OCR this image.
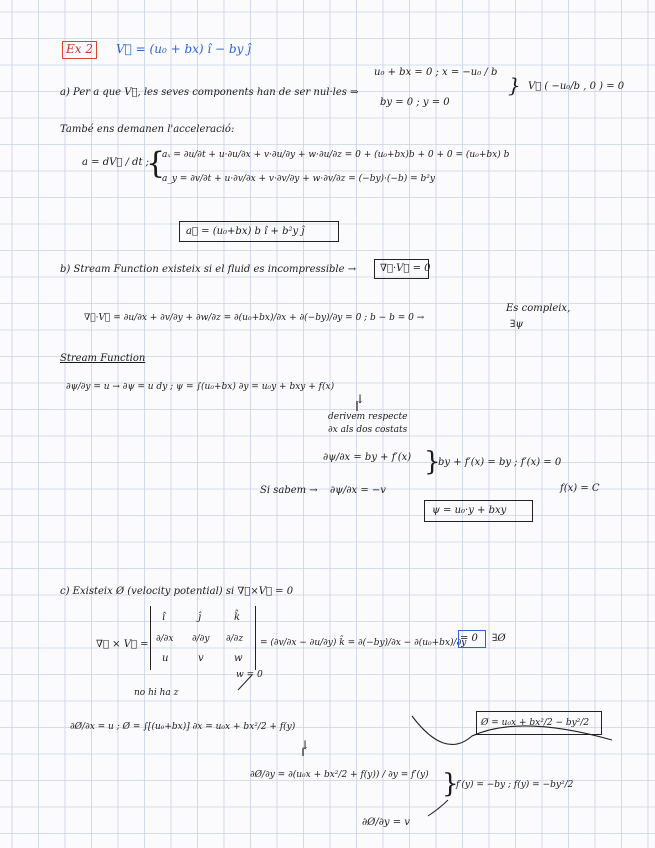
Ex 2 V⃗ = (u₀ + bx) î − by ĵ
u₀ + bx = 0 ; x = −u₀ / b
a) Per a que V⃗, les seves components han de ser nul·les ⇒
by = 0 ; y = 0
} V⃗ ( −u₀/b , 0 ) = 0
També ens demanen l'acceleració:
a = dV⃗ / dt ;
{
aₓ = ∂u/∂t + u·∂u/∂x + v·∂u/∂y + w·∂u/∂z = 0 + (u₀+bx)b + 0 + 0 = (u₀+bx) b
a_y = ∂v/∂t + u·∂v/∂x + v·∂v/∂y + w·∂v/∂z = (−by)·(−b) = b²y
a⃗ = (u₀+bx) b î + b²y ĵ
b) Stream Function existeix si el fluid es incompressible → ∇⃗·V⃗ = 0
∇⃗·V⃗ = ∂u/∂x + ∂v/∂y + ∂w/∂z = ∂(u₀+bx)/∂x + ∂(−by)/∂y = 0 ; b − b = 0 →
Es compleix,
∃ψ
Stream Function
∂ψ/∂y = u → ∂ψ = u dy ; ψ = ∫(u₀+bx) ∂y = u₀y + bxy + f(x)
↓
derivem respecte
∂x als dos costats
∂ψ/∂x = by + f′(x) }
by + f′(x) = by ; f′(x) = 0
Si sabem → ∂ψ/∂x = −v	f(x) = C
ψ = u₀·y + bxy
c) Existeix Ø (velocity potential) si ∇⃗×V⃗ = 0
∇⃗ × V⃗ =
î	ĵ	k̂
∂/∂x ∂/∂y ∂/∂z
u	v	w
w = 0
no hi ha z
= (∂v/∂x − ∂u/∂y) k̂ = ∂(−by)/∂x − ∂(u₀+bx)/∂y
= 0 ∃Ø
∂Ø/∂x = u ; Ø = ∫[(u₀+bx)] ∂x = u₀x + bx²/2 + f(y)
↓
Ø = u₀x + bx²/2 − by²/2
∂Ø/∂y = ∂(u₀x + bx²/2 + f(y)) / ∂y = f′(y) }
f′(y) = −by ; f(y) = −by²/2
∂Ø/∂y = v
